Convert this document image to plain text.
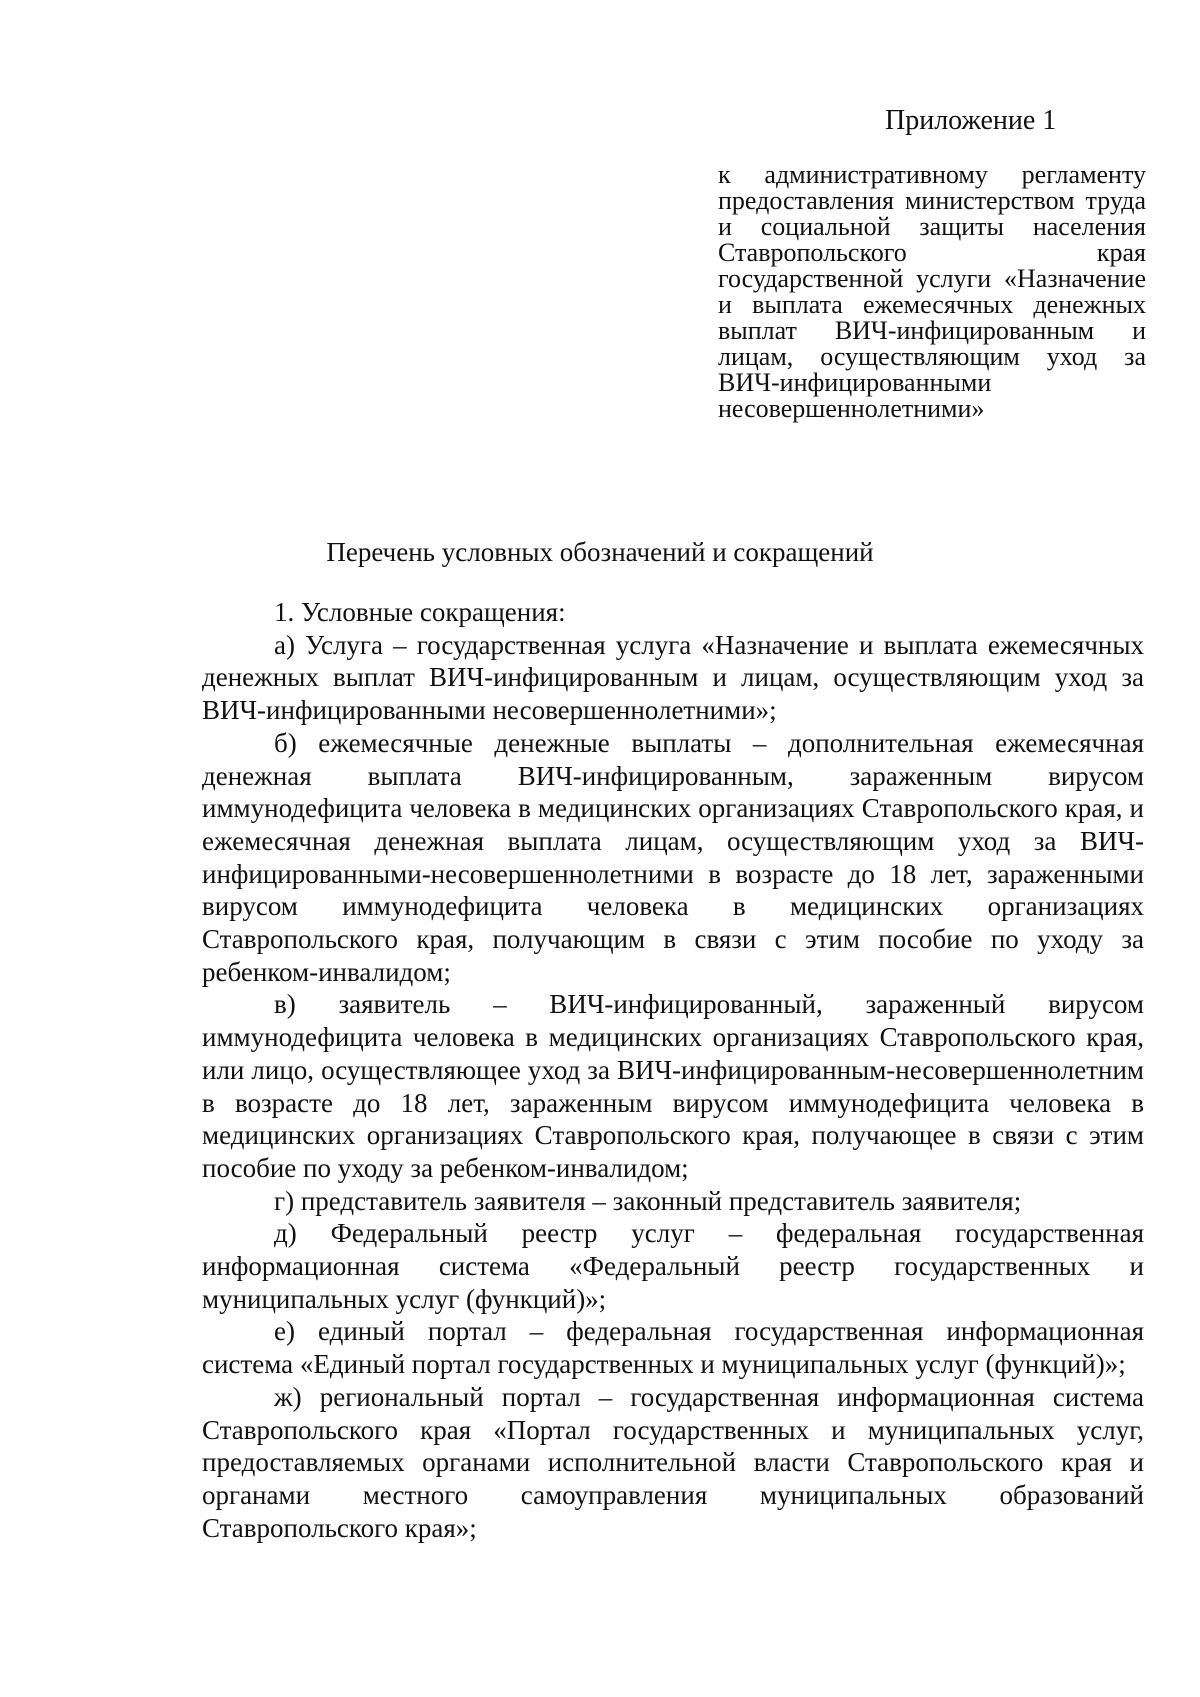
Приложение 1
к административному регламенту предоставления министерством труда и социальной защиты населения Ставропольского края государственной услуги «Назначение и выплата ежемесячных денежных выплат ВИЧ-инфицированным и лицам, осуществляющим уход за ВИЧ-инфицированными несовершеннолетними»
Перечень условных обозначений и сокращений

1. Условные сокращения:

а) Услуга – государственная услуга «Назначение и выплата ежемесячных денежных выплат ВИЧ-инфицированным и лицам, осуществляющим уход за ВИЧ-инфицированными несовершеннолетними»;

б) ежемесячные денежные выплаты – дополнительная ежемесячная денежная выплата ВИЧ-инфицированным, зараженным вирусом иммунодефицита человека в медицинских организациях Ставропольского края, и ежемесячная денежная выплата лицам, осуществляющим уход за ВИЧ-инфицированными-несовершеннолетними в возрасте до 18 лет, зараженными вирусом иммунодефицита человека в медицинских организациях Ставропольского края, получающим в связи с этим пособие по уходу за ребенком-инвалидом;

в) заявитель – ВИЧ-инфицированный, зараженный вирусом иммунодефицита человека в медицинских организациях Ставропольского края, или лицо, осуществляющее уход за ВИЧ-инфицированным-несовершеннолетним в возрасте до 18 лет, зараженным вирусом иммунодефицита человека в медицинских организациях Ставропольского края, получающее в связи с этим пособие по уходу за ребенком-инвалидом;

г) представитель заявителя – законный представитель заявителя;

д) Федеральный реестр услуг – федеральная государственная информационная система «Федеральный реестр государственных и муниципальных услуг (функций)»;

е) единый портал – федеральная государственная информационная система «Единый портал государственных и муниципальных услуг (функций)»;

ж) региональный портал – государственная информационная система Ставропольского края «Портал государственных и муниципальных услуг, предоставляемых органами исполнительной власти Ставропольского края и органами местного самоуправления муниципальных образований Ставропольского края»;
